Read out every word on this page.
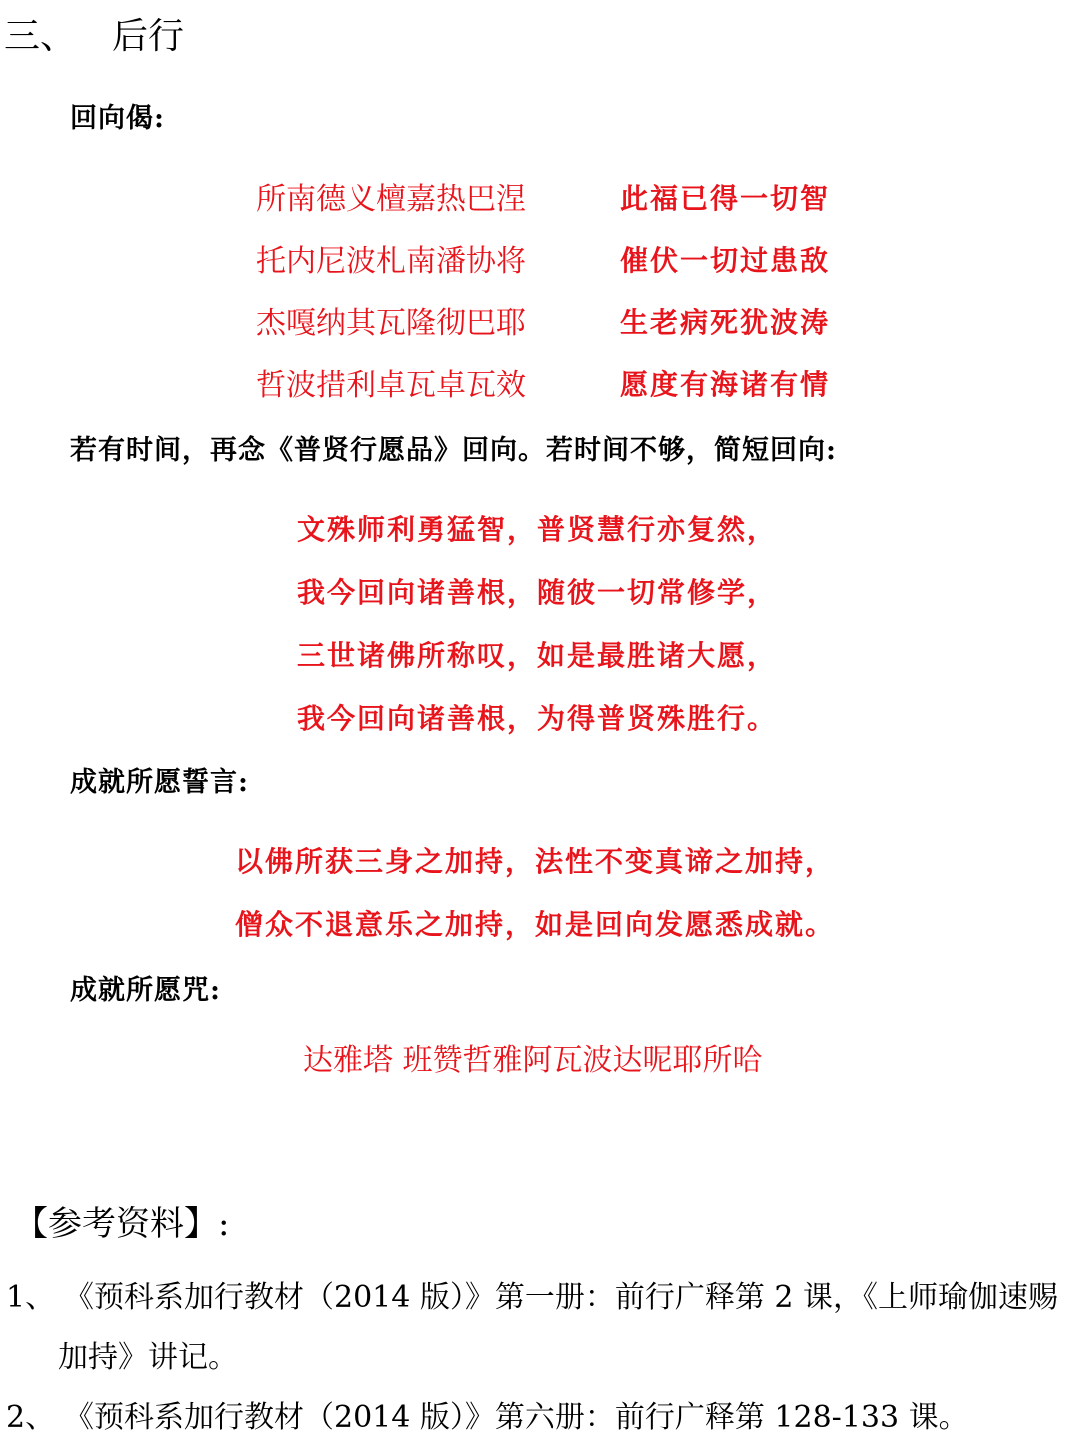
三、 后行
回向偈:
所南德义檀嘉热巴涅
托内尼波札南潘协将
杰嘎纳其瓦隆彻巴耶
哲波措利卓瓦卓瓦效
此福已得一切智
催伏一切过患敌
生老病死犹波涛
愿度有海诸有情
若有时间，再念《普贤行愿品》回向。若时间不够，简短回向:
文殊师利勇猛智，普贤慧行亦复然，
我今回向诸善根，随彼一切常修学，
三世诸佛所称叹，如是最胜诸大愿，
我今回向诸善根，为得普贤殊胜行。
成就所愿誓言:
以佛所获三身之加持，法性不变真谛之加持，
僧众不退意乐之加持，如是回向发愿悉成就。
成就所愿咒:
达雅塔 班赞哲雅阿瓦波达呢耶所哈
【参考资料】:
1、 《预科系加行教材（2014 版）》第一册：前行广释第 2 课，《上师瑜伽速赐
加持》讲记。
2、 《预科系加行教材（2014 版）》第六册：前行广释第 128-133 课。
